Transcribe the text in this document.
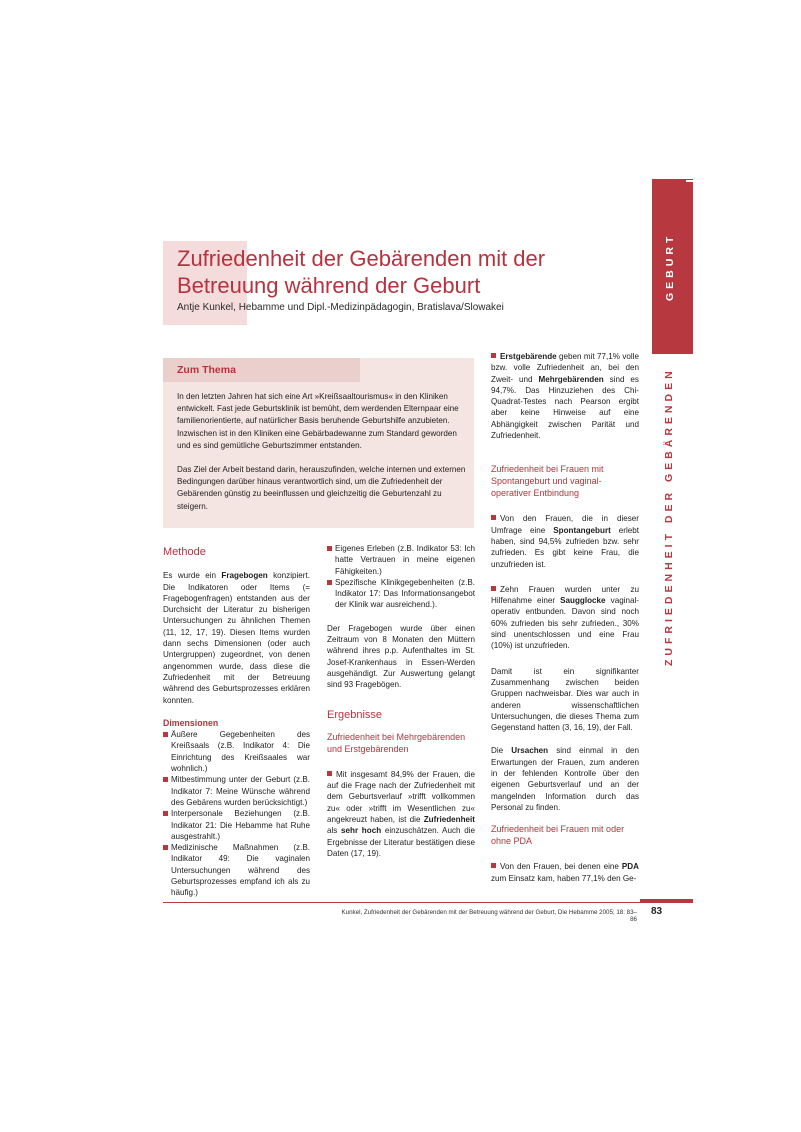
GEBURT
ZUFRIEDENHEIT DER GEBÄRENDEN
Zufriedenheit der Gebärenden mit der
Betreuung während der Geburt
Antje Kunkel, Hebamme und Dipl.-Medizinpädagogin, Bratislava/Slowakei
Zum Thema
In den letzten Jahren hat sich eine Art »Kreißsaaltourismus« in den Kliniken entwickelt. Fast jede Geburtsklinik ist bemüht, dem werdenden Elternpaar eine familienorientierte, auf natürlicher Basis beruhende Geburtshilfe anzubieten. Inzwischen ist in den Kliniken eine Gebärbadewanne zum Standard geworden und es sind gemütliche Geburtszimmer entstanden.
Das Ziel der Arbeit bestand darin, herauszufinden, welche internen und externen Bedingungen darüber hinaus verantwortlich sind, um die Zufriedenheit der Gebärenden günstig zu beeinflussen und gleichzeitig die Geburtenzahl zu steigern.
Methode

Es wurde ein Fragebogen konzipiert. Die Indikatoren oder Items (= Fragebogenfragen) entstanden aus der Durchsicht der Literatur zu bisherigen Untersuchungen zu ähnlichen Themen (11, 12, 17, 19). Diesen Items wurden dann sechs Dimensionen (oder auch Untergruppen) zugeordnet, von denen angenommen wurde, dass diese die Zufriedenheit mit der Betreuung während des Geburtsprozesses erklären konnten.

Dimensionen
Äußere Gegebenheiten des Kreißsaals (z.B. Indikator 4: Die Einrichtung des Kreißsaales war wohnlich.)
Mitbestimmung unter der Geburt (z.B. Indikator 7: Meine Wünsche während des Gebärens wurden berücksichtigt.)
Interpersonale Beziehungen (z.B. Indikator 21: Die Hebamme hat Ruhe ausgestrahlt.)
Medizinische Maßnahmen (z.B. Indikator 49: Die vaginalen Untersuchungen während des Geburtsprozesses empfand ich als zu häufig.)
Eigenes Erleben (z.B. Indikator 53: Ich hatte Vertrauen in meine eigenen Fähigkeiten.)
Spezifische Klinikgegebenheiten (z.B. Indikator 17: Das Informationsangebot der Klinik war ausreichend.).

Der Fragebogen wurde über einen Zeitraum von 8 Monaten den Müttern während ihres p.p. Aufenthaltes im St. Josef-Krankenhaus in Essen-Werden ausgehändigt. Zur Auswertung gelangt sind 93 Fragebögen.

Ergebnisse
Zufriedenheit bei Mehrgebärenden und Erstgebärenden

Mit insgesamt 84,9% der Frauen, die auf die Frage nach der Zufriedenheit mit dem Geburtsverlauf »trifft vollkommen zu« oder »trifft im Wesentlichen zu« angekreuzt haben, ist die Zufriedenheit als sehr hoch einzuschätzen. Auch die Ergebnisse der Literatur bestätigen diese Daten (17, 19).

Erstgebärende geben mit 77,1% volle bzw. volle Zufriedenheit an, bei den Zweit- und Mehrgebärenden sind es 94,7%. Das Hinzuziehen des Chi-Quadrat-Testes nach Pearson ergibt aber keine Hinweise auf eine Abhängigkeit zwischen Parität und Zufriedenheit.

Zufriedenheit bei Frauen mit Spontangeburt und vaginal-operativer Entbindung

Von den Frauen, die in dieser Umfrage eine Spontangeburt erlebt haben, sind 94,5% zufrieden bzw. sehr zufrieden. Es gibt keine Frau, die unzufrieden ist.

Zehn Frauen wurden unter zu Hilfenahme einer Saugglocke vaginal-operativ entbunden. Davon sind noch 60% zufrieden bis sehr zufrieden., 30% sind unentschlossen und eine Frau (10%) ist unzufrieden.

Damit ist ein signifikanter Zusammenhang zwischen beiden Gruppen nachweisbar. Dies war auch in anderen wissenschaftlichen Untersuchungen, die dieses Thema zum Gegenstand hatten (3, 16, 19), der Fall.

Die Ursachen sind einmal in den Erwartungen der Frauen, zum anderen in der fehlenden Kontrolle über den eigenen Geburtsverlauf und an der mangelnden Information durch das Personal zu finden.

Zufriedenheit bei Frauen mit oder ohne PDA

Von den Frauen, bei denen eine PDA zum Einsatz kam, haben 77,1% den Ge-

Kunkel, Zufriedenheit der Gebärenden mit der Betreuung während der Geburt, Die Hebamme 2005; 18: 83–86
83
